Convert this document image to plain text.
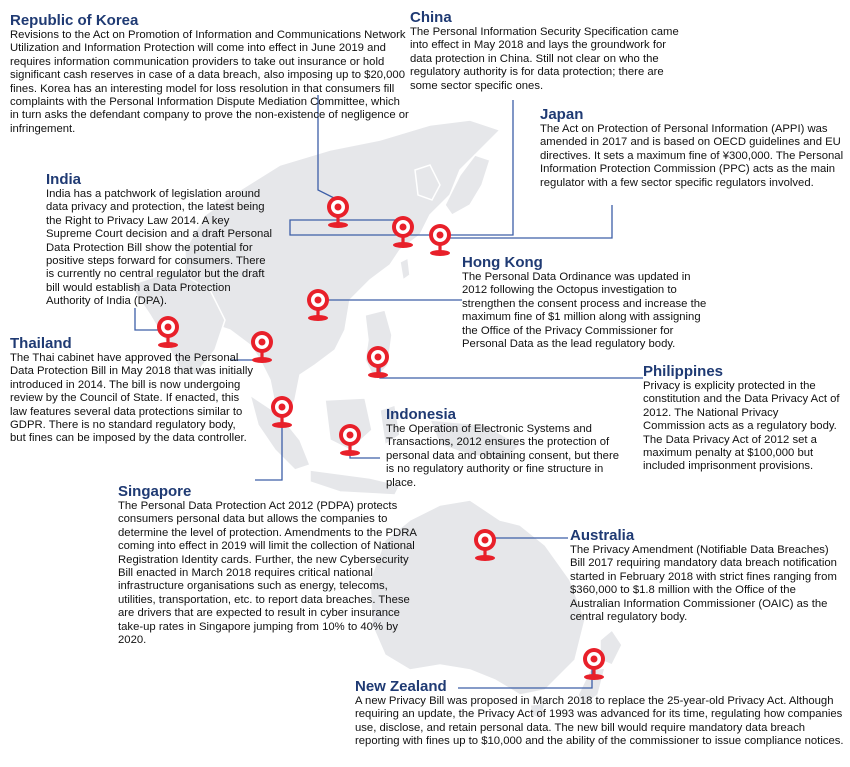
Republic of Korea

Revisions to the Act on Promotion of Information and Communications Network Utilization and Information Protection will come into effect in June 2019 and requires information communication providers to take out insurance or hold significant cash reserves in case of a data breach, also imposing up to $20,000 fines. Korea has an interesting model for loss resolution in that consumers fill complaints with the Personal Information Dispute Mediation Committee, which in turn asks the defendant company to prove the non-existence of negligence or infringement.

China

The Personal Information Security Specification came into effect in May 2018 and lays the groundwork for data protection in China. Still not clear on who the regulatory authority is for data protection; there are some sector specific ones.

Japan

The Act on Protection of Personal Information (APPI) was amended in 2017 and is based on OECD guidelines and EU directives. It sets a maximum fine of ¥300,000. The Personal Information Protection Commission (PPC) acts as the main regulator with a few sector specific regulators involved.

India

India has a patchwork of legislation around data privacy and protection, the latest being the Right to Privacy Law 2014. A key Supreme Court decision and a draft Personal Data Protection Bill show the potential for positive steps forward for consumers. There is currently no central regulator but the draft bill would establish a Data Protection Authority of India (DPA).

Hong Kong

The Personal Data Ordinance was updated in 2012 following the Octopus investigation to strengthen the consent process and increase the maximum fine of $1 million along with assigning the Office of the Privacy Commissioner for Personal Data as the lead regulatory body.

Thailand

The Thai cabinet have approved the Personal Data Protection Bill in May 2018 that was initially introduced in 2014. The bill is now undergoing review by the Council of State. If enacted, this law features several data protections similar to GDPR. There is no standard regulatory body, but fines can be imposed by the data controller.

Philippines

Privacy is explicity protected in the constitution and the Data Privacy Act of 2012. The National Privacy Commission acts as a regulatory body. The Data Privacy Act of 2012 set a maximum penalty at $100,000 but included imprisonment provisions.

Indonesia

The Operation of Electronic Systems and Transactions, 2012 ensures the protection of personal data and obtaining consent, but there is no regulatory authority or fine structure in place.

Singapore

The Personal Data Protection Act 2012 (PDPA) protects consumers personal data but allows the companies to determine the level of protection. Amendments to the PDRA coming into effect in 2019 will limit the collection of National Registration Identity cards. Further, the new Cybersecurity Bill enacted in March 2018 requires critical national infrastructure organisations such as energy, telecoms, utilities, transportation, etc. to report data breaches. These are drivers that are expected to result in cyber insurance take-up rates in Singapore jumping from 10% to 40% by 2020.

Australia

The Privacy Amendment (Notifiable Data Breaches) Bill 2017 requiring mandatory data breach notification started in February 2018 with strict fines ranging from $360,000 to $1.8 million with the Office of the Australian Information Commissioner (OAIC) as the central regulatory body.

New Zealand

A new Privacy Bill was proposed in March 2018 to replace the 25-year-old Privacy Act. Although requiring an update, the Privacy Act of 1993 was advanced for its time, regulating how companies use, disclose, and retain personal data. The new bill would require mandatory data breach reporting with fines up to $10,000 and the ability of the commissioner to issue compliance notices.
